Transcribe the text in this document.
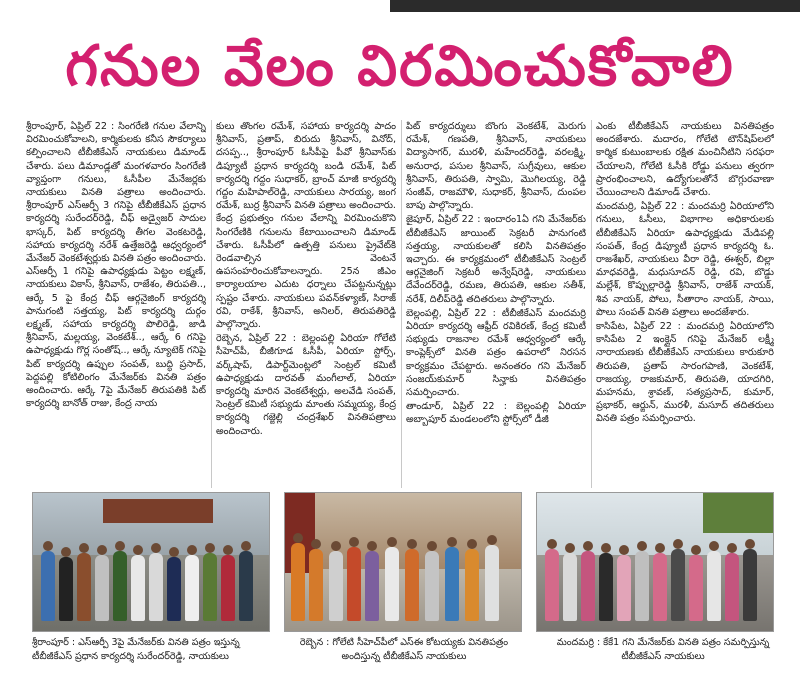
గనుల వేలం విరమించుకోవాలి

శ్రీరాంపూర్, ఏప్రిల్ 22 : సింగరేణి గనుల వేలాన్ని విరమించుకోవాలని, కార్మికులకు కనీస సౌకర్యాలు కల్పించాలని టీబీజీకేఎస్ నాయకులు డిమాండ్ చేశారు. పలు డిమాండ్లతో మంగళవారం సింగరేణి వ్యాప్తంగా గనులు, ఓసీపీల మేనేజర్లకు నాయకులు వినతి పత్రాలు అందించారు. శ్రీరాంపూర్ ఎస్ఆర్పీ 3 గనిపై టీబీజీకేఎస్ ప్రధాన కార్యదర్శి సురేందర్‌రెడ్డి, చీఫ్ అడ్వైజర్ సాదుల భాస్కర్, పిట్ కార్యదర్శి తీగల వెంకటరెడ్డి, సహాయ కార్యదర్శి నరేశ్ ఉత్తేజరెడ్డి ఆధ్వర్యంలో మేనేజర్ వెంకటేశ్వర్లుకు వినతి పత్రం అందించారు. ఎస్ఆర్పీ 1 గనిపై ఉపాధ్యక్షుడు పెట్టం లక్ష్మణ్, నాయకులు వికాస్, శ్రీనివాస్, రాజేశం, తిరుపతి.., ఆర్కే 5 పై కేంద్ర చీఫ్ ఆర్గనైజింగ్ కార్యదర్శి పానుగంటి సత్తయ్య, పిట్ కార్యదర్శి దుర్గం లక్ష్మణ్, సహాయ కార్యదర్శి పొలిరెడ్డి, జాడి శ్రీనివాస్, మల్లయ్య, వెంకటేశ్.., ఆర్కే 6 గనిపై ఉపాధ్యక్షుడు గొర్ల సంతోష్.., ఆర్కే న్యూటెక్ గనిపై పిట్ కార్యదర్శి ఉప్పుల సంపత్, బుద్ధి ప్రసాద్, పెద్దపల్లి కోటిలింగం మేనేజర్‌కు వినతి పత్రం అందించారు. ఆర్కే 7పై మేనేజర్ తిరుపతికి పిట్ కార్యదర్శి బానోత్ రాజు, కేంద్ర నాయ

కులు తొంగల రమేశ్, సహాయ కార్యదర్శి పాదం శ్రీనివాస్, ప్రతాప్, బిరుదు శ్రీనివాస్, వినోద్, దసప్ప.., శ్రీరాంపూర్ ఓసీపీపై పీవో శ్రీనివాస్‌కు డిప్యూటీ ప్రధాన కార్యదర్శి బండి రమేశ్, పిట్ కార్యదర్శి గద్దం సుధాకర్, బ్రాంచ్ మాజీ కార్యదర్శి గద్దం మహిపాల్‌రెడ్డి, నాయకులు సారయ్య, జంగ రమేశ్, బుర్ర శ్రీనివాస్ వినతి పత్రాలు అందించారు. కేంద్ర ప్రభుత్వం గనుల వేలాన్ని విరమించుకొని సింగరేణికి గనులను కేటాయించాలని డిమాండ్ చేశారు. ఓసీపీలో ఉత్పత్తి పనులు ప్రైవేట్‌కి రెండవాల్సిన వెంటనే ఉపసంహరించుకోవాలన్నారు. 25న జీఎం కార్యాలయాల ఎదుట ధర్నాలు చేపట్టనున్నట్లు స్పష్టం చేశారు. నాయకులు పవన్‌కళ్యాణ్, సిరాజ్ రవి, రాకేశ్, శ్రీనివాస్, అనిలర్, తిరుపతిరెడ్డి పాల్గొన్నారు.

రెబ్బెన, ఏప్రిల్ 22 : బెల్లంపల్లి ఏరియా గోలేటి సీహెచ్‌పీ, బీజీగూడ ఓసీపీ, ఏరియా స్టోర్స్, వర్క్‌షాప్, డిపార్ట్‌మెంట్లలో సెంట్రల్ కమిటీ ఉపాధ్యక్షుడు దారవత్ మంగీలాల్, ఏరియా కార్యదర్శి మారిన వెంకటేశ్వర్లు, అలవేడి సంపత్, సెంట్రల్ కమిటీ సభ్యుడు మాంతు సమ్మయ్య, కేంద్ర కార్యదర్శి గజ్జెల్లి చంద్రశేఖర్ వినతిపత్రాలు అందించారు.

పిట్ కార్యదర్శులు బొంగు వెంకటేశ్, మెరుగు రమేశ్, గణపతి, శ్రీనివాస్, నాయకులు విద్యాసాగర్, మురళీ, మహేందర్‌రెడ్డి, వరలక్ష్మి, అనురాధ, పసుల శ్రీనివాస్, సుగ్రీవులు, ఆకుల శ్రీనివాస్, తిరుపతి, స్వామి, మొగిలయ్య, రెడ్డి సంజీవ్, రాజమౌళి, సుధాకర్, శ్రీనివాస్, దుంపల బాపు పాల్గొన్నారు.

జైపూర్, ఏప్రిల్ 22 : ఇందారం1ఏ గని మేనేజర్‌కు టీబీజీకేఎస్ జాయింట్ సెక్రటరీ పానుగంటి సత్తయ్య, నాయకులతో కలిసి వినతిపత్రం ఇచ్చారు. ఈ కార్యక్రమంలో టీబీజీకేఎస్ సెంట్రల్ ఆర్గనైజింగ్ సెక్రటరీ అన్వేష్‌రెడ్డి, నాయకులు దేవేందర్‌రెడ్డి, రమణ, తిరుపతి, ఆకుల సతీశ్, నరేశ్, దిలీప్‌రెడ్డి తదితరులు పాల్గొన్నారు.

బెల్లంపల్లి, ఏప్రిల్ 22 : టీబీజీకేఎస్ మందమర్రి ఏరియా కార్యదర్శి ఆఫ్రీద్ రవికిరణ్, కేంద్ర కమిటీ సభ్యుడు రాజనాల రమేశ్ ఆధ్వర్యంలో ఆర్కే కాంప్లెక్స్‌లో వినతి పత్రం ఉపరాలో నిరసన కార్యక్రమం చేపట్టారు. అనంతరం గని మేనేజర్ సంజయ్‌కుమార్ సిన్హాకు వినతిపత్రం సమర్పించారు.

తాండూర్, ఏప్రిల్ 22 : బెల్లంపల్లి ఏరియా అబ్బాపూర్ మండలంలోని స్టోర్స్‌లో డీజీ

ఎంకు టీబీజీకేఎస్ నాయకులు వినతిపత్రం అందజేశారు. మదారం, గోలేటి టౌన్‌షిప్‌లలో కార్మిక కుటుంబాలకు రక్షిత మంచినీటిని సరఫరా చేయాలని, గోలేటి ఓసీకి రోడ్డు పనులు త్వరగా ప్రారంభించాలని, ఉద్యోగులతోనే బొగ్గురవాణా చేయించాలని డిమాండ్ చేశారు.

మందమర్రి, ఏప్రిల్ 22 : మందమర్రి ఏరియాలోని గనులు, ఓసీలు, విభాగాల అధికారులకు టీబీజీకేఎస్ ఏరియా ఉపాధ్యక్షుడు మేడిపల్లి సంపత్, కేంద్ర డిప్యూటీ ప్రధాన కార్యదర్శి ఓ. రాజశేఖర్, నాయకులు వీరా రెడ్డి, ఈశ్వర్, బిల్లా మాధవరెడ్డి, మధుసూదన్ రెడ్డి, రవి, బొడ్డు మల్లేశ్, కొప్పుల్లారెడ్డి శ్రీనివాస్, రాజేశ్ నాయక్, శివ నాయక్, పోలు, సీతారాం నాయక్, సాయి, పొలు సంపత్ వినతి పత్రాలు అందజేశారు.

కాసిపేట, ఏప్రిల్ 22 : మందమర్రి ఏరియాలోని కాసిపేట 2 ఇంక్లైన్ గనిపై మేనేజర్ లక్ష్మీ నారాయణకు టీబీజీకేఎస్ నాయకులు కారుకూరి తిరుపతి, ప్రతాప్ సారంగపాణి, వెంకటేశ్, రాజయ్య, రాజకుమార్, తిరుపతి, యాదగిరి, మహనమ, శ్రావణ్, సత్యప్రసాద్, కుమార్, ప్రభాకర్, ఆర్జున్, మురళీ, మసూద్ తదితరులు వినతి పత్రం సమర్పించారు.

శ్రీరాంపూర్ : ఎస్ఆర్పీ 3పై మేనేజర్‌కు వినతి పత్రం ఇస్తున్న టీబీజీకేఎస్ ప్రధాన కార్యదర్శి సురేందర్‌రెడ్డి, నాయకులు
రెబ్బెన : గోలేటి సీహెచ్‌పీలో ఎస్ఈ కోటయ్యకు వినతిపత్రం అందిస్తున్న టీబీజీకేఎస్ నాయకులు
మందమర్రి : కేకే1 గని మేనేజర్‌కు వినతి పత్రం సమర్పిస్తున్న టీబీజీకేఎస్ నాయకులు
